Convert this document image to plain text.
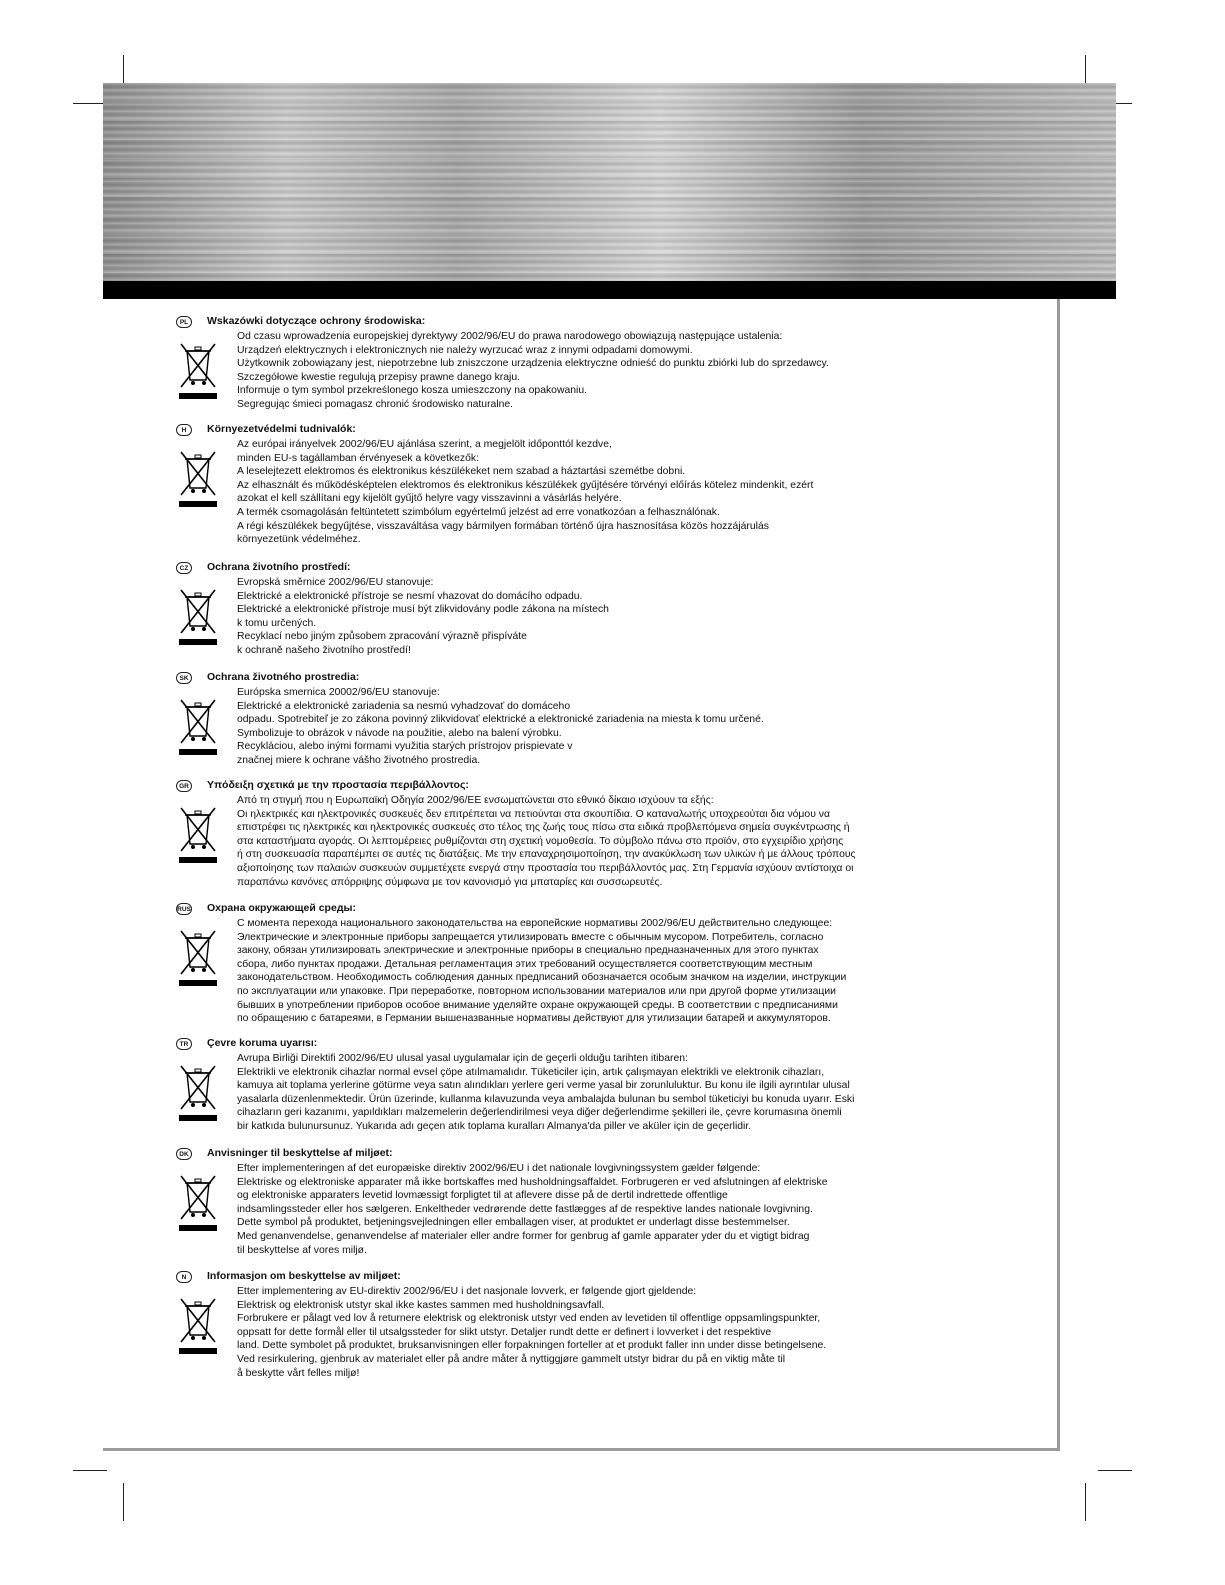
PL	Wskazówki dotyczące ochrony środowiska:
Od czasu wprowadzenia europejskiej dyrektywy 2002/96/EU do prawa narodowego obowiązują następujące ustalenia:
Urządzeń elektrycznych i elektronicznych nie należy wyrzucać wraz z innymi odpadami domowymi.
Użytkownik zobowiązany jest, niepotrzebne lub zniszczone urządzenia elektryczne odnieść do punktu zbiórki lub do sprzedawcy.
Szczegółowe kwestie regulują przepisy prawne danego kraju.
Informuje o tym symbol przekreślonego kosza umieszczony na opakowaniu.
Segregując śmieci pomagasz chronić środowisko naturalne.
H	Környezetvédelmi tudnivalók:
Az európai irányelvek 2002/96/EU ajánlása szerint, a megjelölt időponttól kezdve,
minden EU-s tagállamban érvényesek a következők:
A leselejtezett elektromos és elektronikus készülékeket nem szabad a háztartási szemétbe dobni.
Az elhasznált és működésképtelen elektromos és elektronikus készülékek gyűjtésére törvényi előírás kötelez mindenkit, ezért
azokat el kell szállítani egy kijelölt gyűjtő helyre vagy visszavinni a vásárlás helyére.
A termék csomagolásán feltüntetett szimbólum egyértelmű jelzést ad erre vonatkozóan a felhasználónak.
A régi készülékek begyűjtése, visszaváltása vagy bármilyen formában történő újra hasznosítása közös hozzájárulás
környezetünk védelméhez.
CZ	Ochrana životního prostředí:
Evropská směrnice 2002/96/EU stanovuje:
Elektrické a elektronické přístroje se nesmí vhazovat do domácího odpadu.
Elektrické a elektronické přístroje musí být zlikvidovány podle zákona na místech
k tomu určených.
Recyklací nebo jiným způsobem zpracování výrazně přispíváte
k ochraně našeho životního prostředí!
SK	Ochrana životného prostredia:
Európska smernica 20002/96/EU stanovuje:
Elektrické a elektronické zariadenia sa nesmú vyhadzovať do domáceho
odpadu. Spotrebiteľ je zo zákona povinný zlikvidovať elektrické a elektronické zariadenia na miesta k tomu určené.
Symbolizuje to obrázok v návode na použitie, alebo na balení výrobku.
Recykláciou, alebo inými formami využitia starých prístrojov prispievate v
značnej miere k ochrane vášho životného prostredia.
GR Υπόδειξη σχετικά με την προστασία περιβάλλοντος:
Από τη στιγμή που η Ευρωπαϊκή Οδηγία 2002/96/ΕΕ ενσωματώνεται στο εθνικό δίκαιο ισχύουν τα εξής:
Οι ηλεκτρικές και ηλεκτρονικές συσκευές δεν επιτρέπεται να πετιούνται στα σκουπίδια. Ο καταναλωτής υποχρεούται δια νόμου να
επιστρέφει τις ηλεκτρικές και ηλεκτρονικές συσκευές στο τέλος της ζωής τους πίσω στα ειδικά προβλεπόμενα σημεία συγκέντρωσης ή
στα καταστήματα αγοράς. Οι λεπτομέρειες ρυθμίζονται στη σχετική νομοθεσία. Το σύμβολο πάνω στο προϊόν, στο εγχειρίδιο χρήσης
ή στη συσκευασία παραπέμπει σε αυτές τις διατάξεις. Με την επαναχρησιμοποίηση, την ανακύκλωση των υλικών ή με άλλους τρόπους
αξιοποίησης των παλαιών συσκευών συμμετέχετε ενεργά στην προστασία του περιβάλλοντός μας. Στη Γερμανία ισχύουν αντίστοιχα οι
παραπάνω κανόνες απόρριψης σύμφωνα με τον κανονισμό για μπαταρίες και συσσωρευτές.
RUS Охрана окружающей среды:
С момента перехода национального законодательства на европейские нормативы 2002/96/EU действительно следующее:
Электрические и электронные приборы запрещается утилизировать вместе с обычным мусором. Потребитель, согласно
закону, обязан утилизировать электрические и электронные приборы в специально предназначенных для этого пунктах
сбора, либо пунктах продажи. Детальная регламентация этих требований осуществляется соответствующим местным
законодательством. Необходимость соблюдения данных предписаний обозначается особым значком на изделии, инструкции
по эксплуатации или упаковке. При переработке, повторном использовании материалов или при другой форме утилизации
бывших в употреблении приборов особое внимание уделяйте охране окружающей среды. В соответствии с предписаниями
по обращению с батареями, в Германии вышеназванные нормативы действуют для утилизации батарей и аккумуляторов.
TR	Çevre koruma uyarısı:
Avrupa Birliği Direktifi 2002/96/EU ulusal yasal uygulamalar için de geçerli olduğu tarihten itibaren:
Elektrikli ve elektronik cihazlar normal evsel çöpe atılmamalıdır. Tüketiciler için, artık çalışmayan elektrikli ve elektronik cihazları,
kamuya ait toplama yerlerine götürme veya satın alındıkları yerlere geri verme yasal bir zorunluluktur. Bu konu ile ilgili ayrıntılar ulusal
yasalarla düzenlenmektedir. Ürün üzerinde, kullanma kılavuzunda veya ambalajda bulunan bu sembol tüketiciyi bu konuda uyarır. Eski
cihazların geri kazanımı, yapıldıkları malzemelerin değerlendirilmesi veya diğer değerlendirme şekilleri ile, çevre korumasına önemli
bir katkıda bulunursunuz. Yukarıda adı geçen atık toplama kuralları Almanya'da piller ve aküler için de geçerlidir.
DK	Anvisninger til beskyttelse af miljøet:
Efter implementeringen af det europæiske direktiv 2002/96/EU i det nationale lovgivningssystem gælder følgende:
Elektriske og elektroniske apparater må ikke bortskaffes med husholdningsaffaldet. Forbrugeren er ved afslutningen af elektriske
og elektroniske apparaters levetid lovmæssigt forpligtet til at aflevere disse på de dertil indrettede offentlige
indsamlingssteder eller hos sælgeren. Enkeltheder vedrørende dette fastlægges af de respektive landes nationale lovgivning.
Dette symbol på produktet, betjeningsvejledningen eller emballagen viser, at produktet er underlagt disse bestemmelser.
Med genanvendelse, genanvendelse af materialer eller andre former for genbrug af gamle apparater yder du et vigtigt bidrag
til beskyttelse af vores miljø.
N	Informasjon om beskyttelse av miljøet:
Etter implementering av EU-direktiv 2002/96/EU i det nasjonale lovverk, er følgende gjort gjeldende:
Elektrisk og elektronisk utstyr skal ikke kastes sammen med husholdningsavfall.
Forbrukere er pålagt ved lov å returnere elektrisk og elektronisk utstyr ved enden av levetiden til offentlige oppsamlingspunkter,
oppsatt for dette formål eller til utsalgssteder for slikt utstyr. Detaljer rundt dette er definert i lovverket i det respektive
land. Dette symbolet på produktet, bruksanvisningen eller forpakningen forteller at et produkt faller inn under disse betingelsene.
Ved resirkulering, gjenbruk av materialet eller på andre måter å nyttiggjøre gammelt utstyr bidrar du på en viktig måte til
å beskytte vårt felles miljø!
